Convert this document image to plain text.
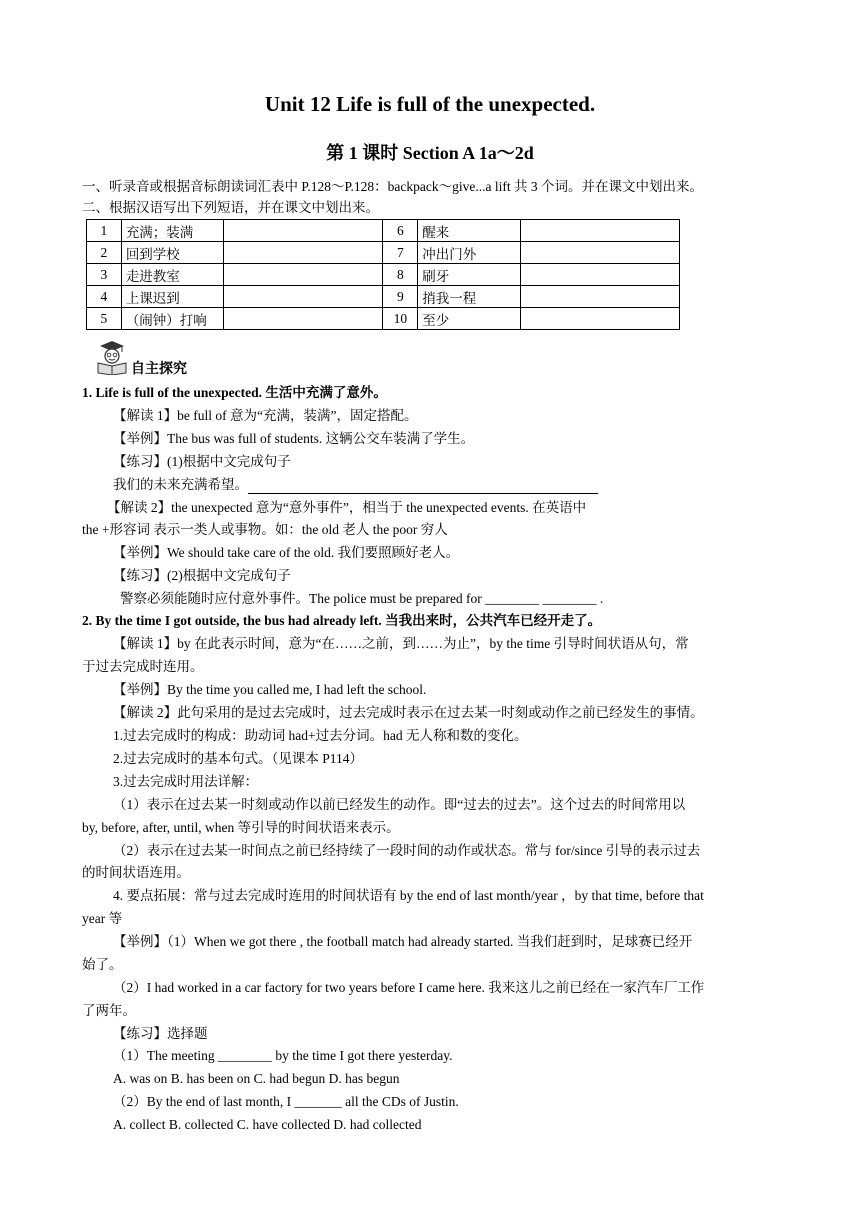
Unit 12 Life is full of the unexpected.
第 1 课时 Section A 1a～2d
一、听录音或根据音标朗读词汇表中 P.128～P.128：backpack～give...a lift 共 3 个词。并在课文中划出来。
二、根据汉语写出下列短语，并在课文中划出来。
1	充满；装满		6	醒来	
2	回到学校		7	冲出门外	
3	走进教室		8	刷牙	
4	上课迟到		9	捎我一程	
5	（闹钟）打响		10	至少	
自主探究
1. Life is full of the unexpected. 生活中充满了意外。
【解读 1】be full of 意为“充满，装满”，固定搭配。
【举例】The bus was full of students. 这辆公交车装满了学生。
【练习】(1)根据中文完成句子
我们的未来充满希望。
【解读 2】the unexpected 意为“意外事件”，相当于 the unexpected events. 在英语中
the +形容词 表示一类人或事物。如：the old 老人 the poor 穷人
【举例】We should take care of the old. 我们要照顾好老人。
【练习】(2)根据中文完成句子
警察必须能随时应付意外事件。The police must be prepared for ________ ________ .
2. By the time I got outside, the bus had already left. 当我出来时，公共汽车已经开走了。
【解读 1】by 在此表示时间，意为“在……之前，到……为止”，by the time 引导时间状语从句，常
于过去完成时连用。
【举例】By the time you called me, I had left the school.
【解读 2】此句采用的是过去完成时，过去完成时表示在过去某一时刻或动作之前已经发生的事情。
1.过去完成时的构成：助动词 had+过去分词。had 无人称和数的变化。
2.过去完成时的基本句式。（见课本 P114）
3.过去完成时用法详解：
（1）表示在过去某一时刻或动作以前已经发生的动作。即“过去的过去”。这个过去的时间常用以
by, before, after, until, when 等引导的时间状语来表示。
（2）表示在过去某一时间点之前已经持续了一段时间的动作或状态。常与 for/since 引导的表示过去
的时间状语连用。
4. 要点拓展：常与过去完成时连用的时间状语有 by the end of last month/year ，by that time, before that
year 等
【举例】（1）When we got there , the football match had already started. 当我们赶到时，足球赛已经开
始了。
（2）I had worked in a car factory for two years before I came here. 我来这儿之前已经在一家汽车厂工作
了两年。
【练习】选择题
（1）The meeting ________ by the time I got there yesterday.
A. was on B. has been on C. had begun D. has begun
（2）By the end of last month, I _______ all the CDs of Justin.
A. collect B. collected C. have collected D. had collected
